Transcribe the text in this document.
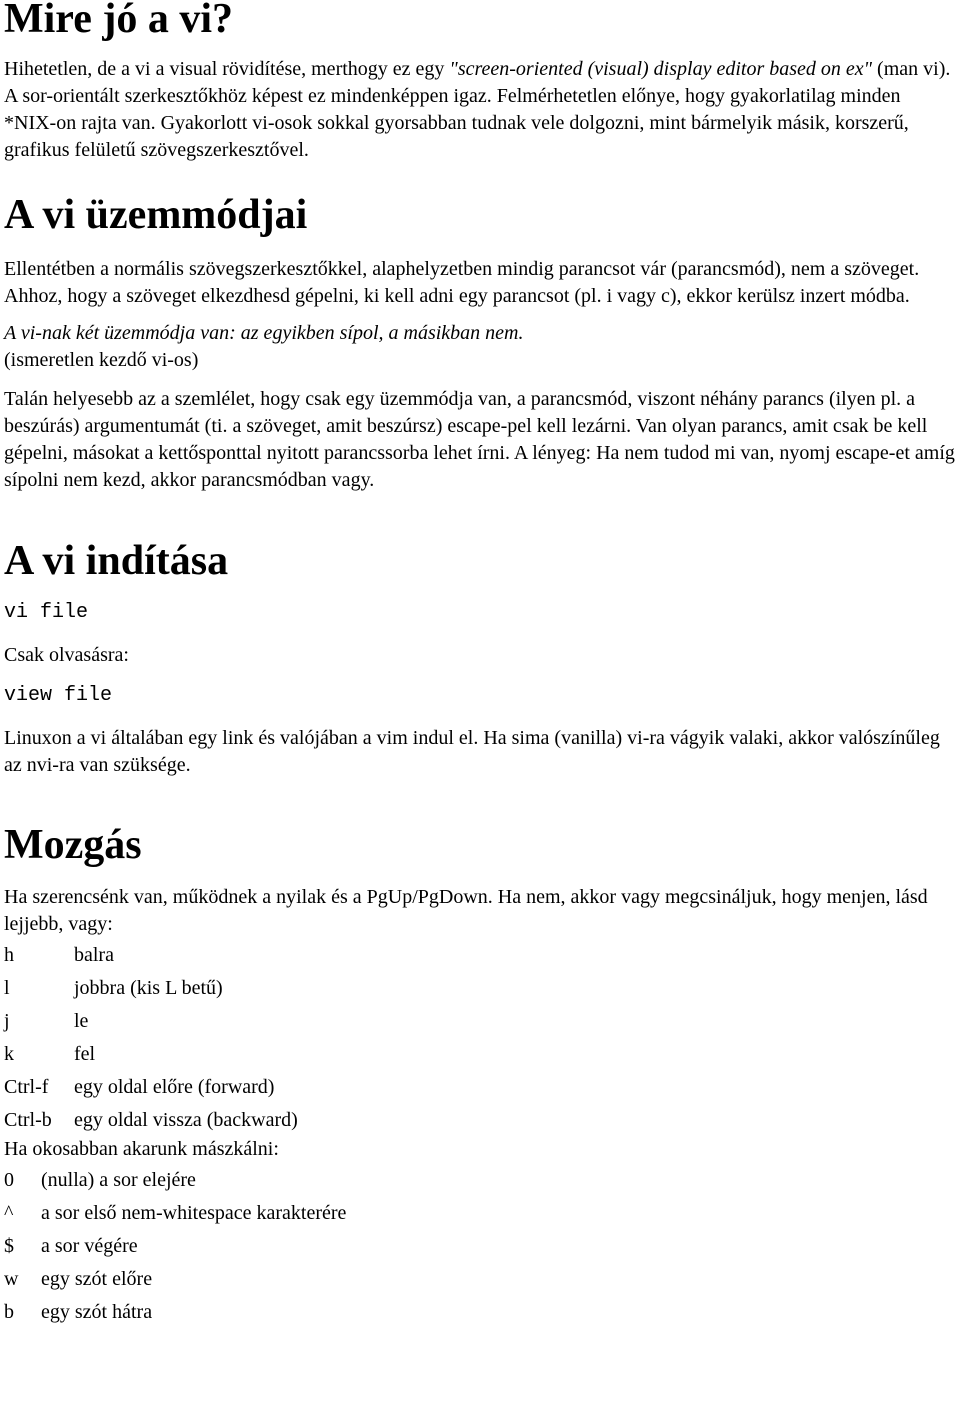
Mire jó a vi?

Hihetetlen, de a vi a visual rövidítése, merthogy ez egy "screen-oriented (visual) display editor based on ex" (man vi). A sor-orientált szerkesztőkhöz képest ez mindenképpen igaz. Felmérhetetlen előnye, hogy gyakorlatilag minden *NIX-on rajta van. Gyakorlott vi-osok sokkal gyorsabban tudnak vele dolgozni, mint bármelyik másik, korszerű, grafikus felületű szövegszerkesztővel.

A vi üzemmódjai

Ellentétben a normális szövegszerkesztőkkel, alaphelyzetben mindig parancsot vár (parancsmód), nem a szöveget. Ahhoz, hogy a szöveget elkezdhesd gépelni, ki kell adni egy parancsot (pl. i vagy c), ekkor kerülsz inzert módba.

A vi-nak két üzemmódja van: az egyikben sípol, a másikban nem.

(ismeretlen kezdő vi-os)

Talán helyesebb az a szemlélet, hogy csak egy üzemmódja van, a parancsmód, viszont néhány parancs (ilyen pl. a beszúrás) argumentumát (ti. a szöveget, amit beszúrsz) escape-pel kell lezárni. Van olyan parancs, amit csak be kell gépelni, másokat a kettősponttal nyitott parancssorba lehet írni. A lényeg: Ha nem tudod mi van, nyomj escape-et amíg sípolni nem kezd, akkor parancsmódban vagy.

A vi indítása
vi file

Csak olvasásra:

view file

Linuxon a vi általában egy link és valójában a vim indul el. Ha sima (vanilla) vi-ra vágyik valaki, akkor valószínűleg az nvi-ra van szüksége.

Mozgás

Ha szerencsénk van, működnek a nyilak és a PgUp/PgDown. Ha nem, akkor vagy megcsináljuk, hogy menjen, lásd lejjebb, vagy:

h	balra
l	jobbra (kis L betű)
j	le
k	fel
Ctrl-f	egy oldal előre (forward)
Ctrl-b	egy oldal vissza (backward)

Ha okosabban akarunk mászkálni:

0	(nulla) a sor elejére
^	a sor első nem-whitespace karakterére
$	a sor végére
w	egy szót előre
b	egy szót hátra
